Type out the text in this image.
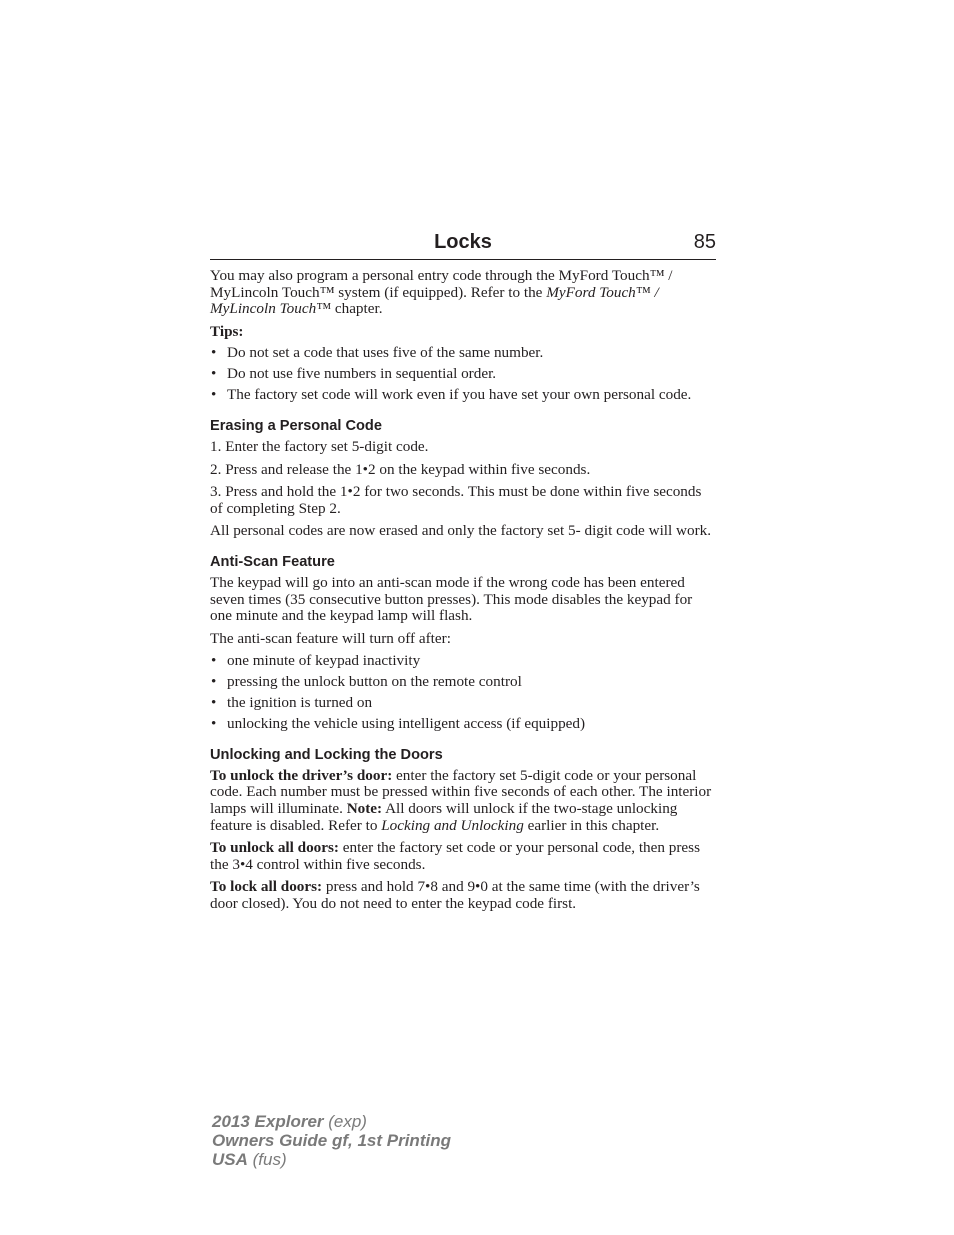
Locks	85

You may also program a personal entry code through the MyFord Touch™ / MyLincoln Touch™ system (if equipped). Refer to the MyFord Touch™ / MyLincoln Touch™ chapter.

Tips:

• Do not set a code that uses five of the same number.
• Do not use five numbers in sequential order.
• The factory set code will work even if you have set your own personal code.
Erasing a Personal Code

1. Enter the factory set 5-digit code.

2. Press and release the 1•2 on the keypad within five seconds.

3. Press and hold the 1•2 for two seconds. This must be done within five seconds of completing Step 2.

All personal codes are now erased and only the factory set 5- digit code will work.

Anti-Scan Feature

The keypad will go into an anti-scan mode if the wrong code has been entered seven times (35 consecutive button presses). This mode disables the keypad for one minute and the keypad lamp will flash.

The anti-scan feature will turn off after:

• one minute of keypad inactivity
• pressing the unlock button on the remote control
• the ignition is turned on
• unlocking the vehicle using intelligent access (if equipped)
Unlocking and Locking the Doors

To unlock the driver’s door: enter the factory set 5-digit code or your personal code. Each number must be pressed within five seconds of each other. The interior lamps will illuminate. Note: All doors will unlock if the two-stage unlocking feature is disabled. Refer to Locking and Unlocking earlier in this chapter.

To unlock all doors: enter the factory set code or your personal code, then press the 3•4 control within five seconds.

To lock all doors: press and hold 7•8 and 9•0 at the same time (with the driver’s door closed). You do not need to enter the keypad code first.

2013 Explorer (exp)
Owners Guide gf, 1st Printing
USA (fus)
